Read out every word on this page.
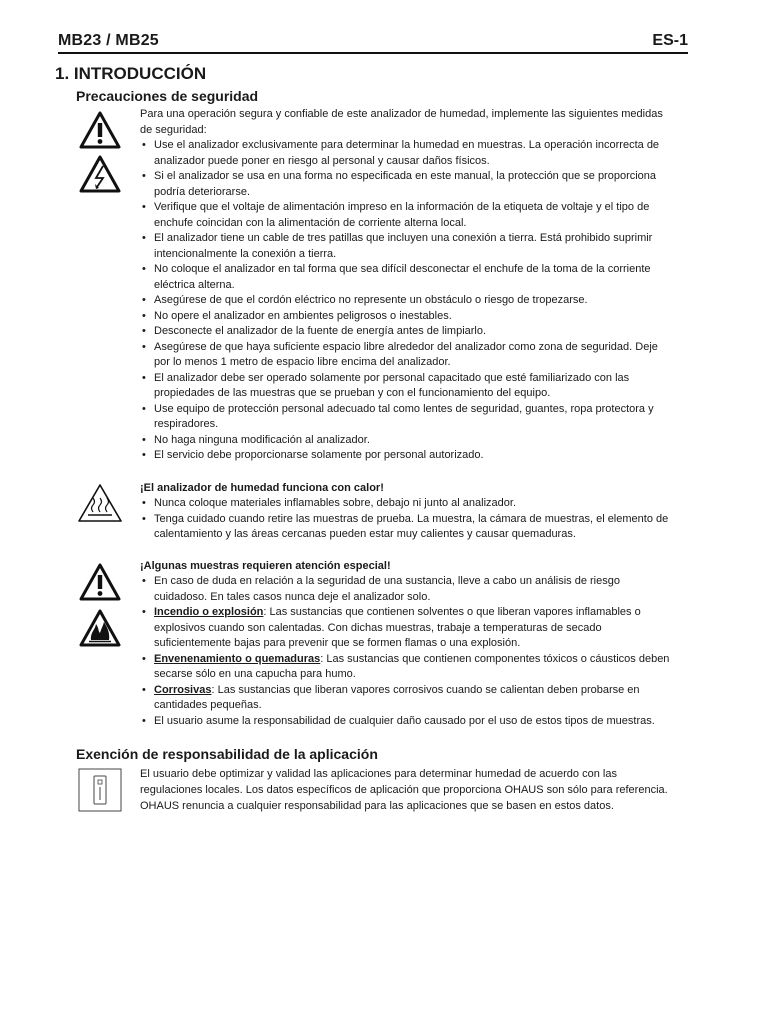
MB23 / MB25	ES-1
1. INTRODUCCIÓN
Precauciones de seguridad

Para una operación segura y confiable de este analizador de humedad, implemente las siguientes medidas de seguridad:

• Use el analizador exclusivamente para determinar la humedad en muestras. La operación incorrecta de analizador puede poner en riesgo al personal y causar daños físicos.
• Si el analizador se usa en una forma no especificada en este manual, la protección que se proporciona podría deteriorarse.
• Verifique que el voltaje de alimentación impreso en la información de la etiqueta de voltaje y el tipo de enchufe coincidan con la alimentación de corriente alterna local.
• El analizador tiene un cable de tres patillas que incluyen una conexión a tierra. Está prohibido suprimir intencionalmente la conexión a tierra.
• No coloque el analizador en tal forma que sea difícil desconectar el enchufe de la toma de la corriente eléctrica alterna.
• Asegúrese de que el cordón eléctrico no represente un obstáculo o riesgo de tropezarse.
• No opere el analizador en ambientes peligrosos o inestables.
• Desconecte el analizador de la fuente de energía antes de limpiarlo.
• Asegúrese de que haya suficiente espacio libre alrededor del analizador como zona de seguridad. Deje por lo menos 1 metro de espacio libre encima del analizador.
• El analizador debe ser operado solamente por personal capacitado que esté familiarizado con las propiedades de las muestras que se prueban y con el funcionamiento del equipo.
• Use equipo de protección personal adecuado tal como lentes de seguridad, guantes, ropa protectora y respiradores.
• No haga ninguna modificación al analizador.
• El servicio debe proporcionarse solamente por personal autorizado.

¡El analizador de humedad funciona con calor!

• Nunca coloque materiales inflamables sobre, debajo ni junto al analizador.
• Tenga cuidado cuando retire las muestras de prueba. La muestra, la cámara de muestras, el elemento de calentamiento y las áreas cercanas pueden estar muy calientes y causar quemaduras.

¡Algunas muestras requieren atención especial!

• En caso de duda en relación a la seguridad de una sustancia, lleve a cabo un análisis de riesgo cuidadoso. En tales casos nunca deje el analizador solo.
• Incendio o explosión: Las sustancias que contienen solventes o que liberan vapores inflamables o explosivos cuando son calentadas. Con dichas muestras, trabaje a temperaturas de secado suficientemente bajas para prevenir que se formen flamas o una explosión.
• Envenenamiento o quemaduras: Las sustancias que contienen componentes tóxicos o cáusticos deben secarse sólo en una capucha para humo.
• Corrosivas: Las sustancias que liberan vapores corrosivos cuando se calientan deben probarse en cantidades pequeñas.
• El usuario asume la responsabilidad de cualquier daño causado por el uso de estos tipos de muestras.
Exención de responsabilidad de la aplicación

El usuario debe optimizar y validad las aplicaciones para determinar humedad de acuerdo con las regulaciones locales. Los datos específicos de aplicación que proporciona OHAUS son sólo para referencia. OHAUS renuncia a cualquier responsabilidad para las aplicaciones que se basen en estos datos.
